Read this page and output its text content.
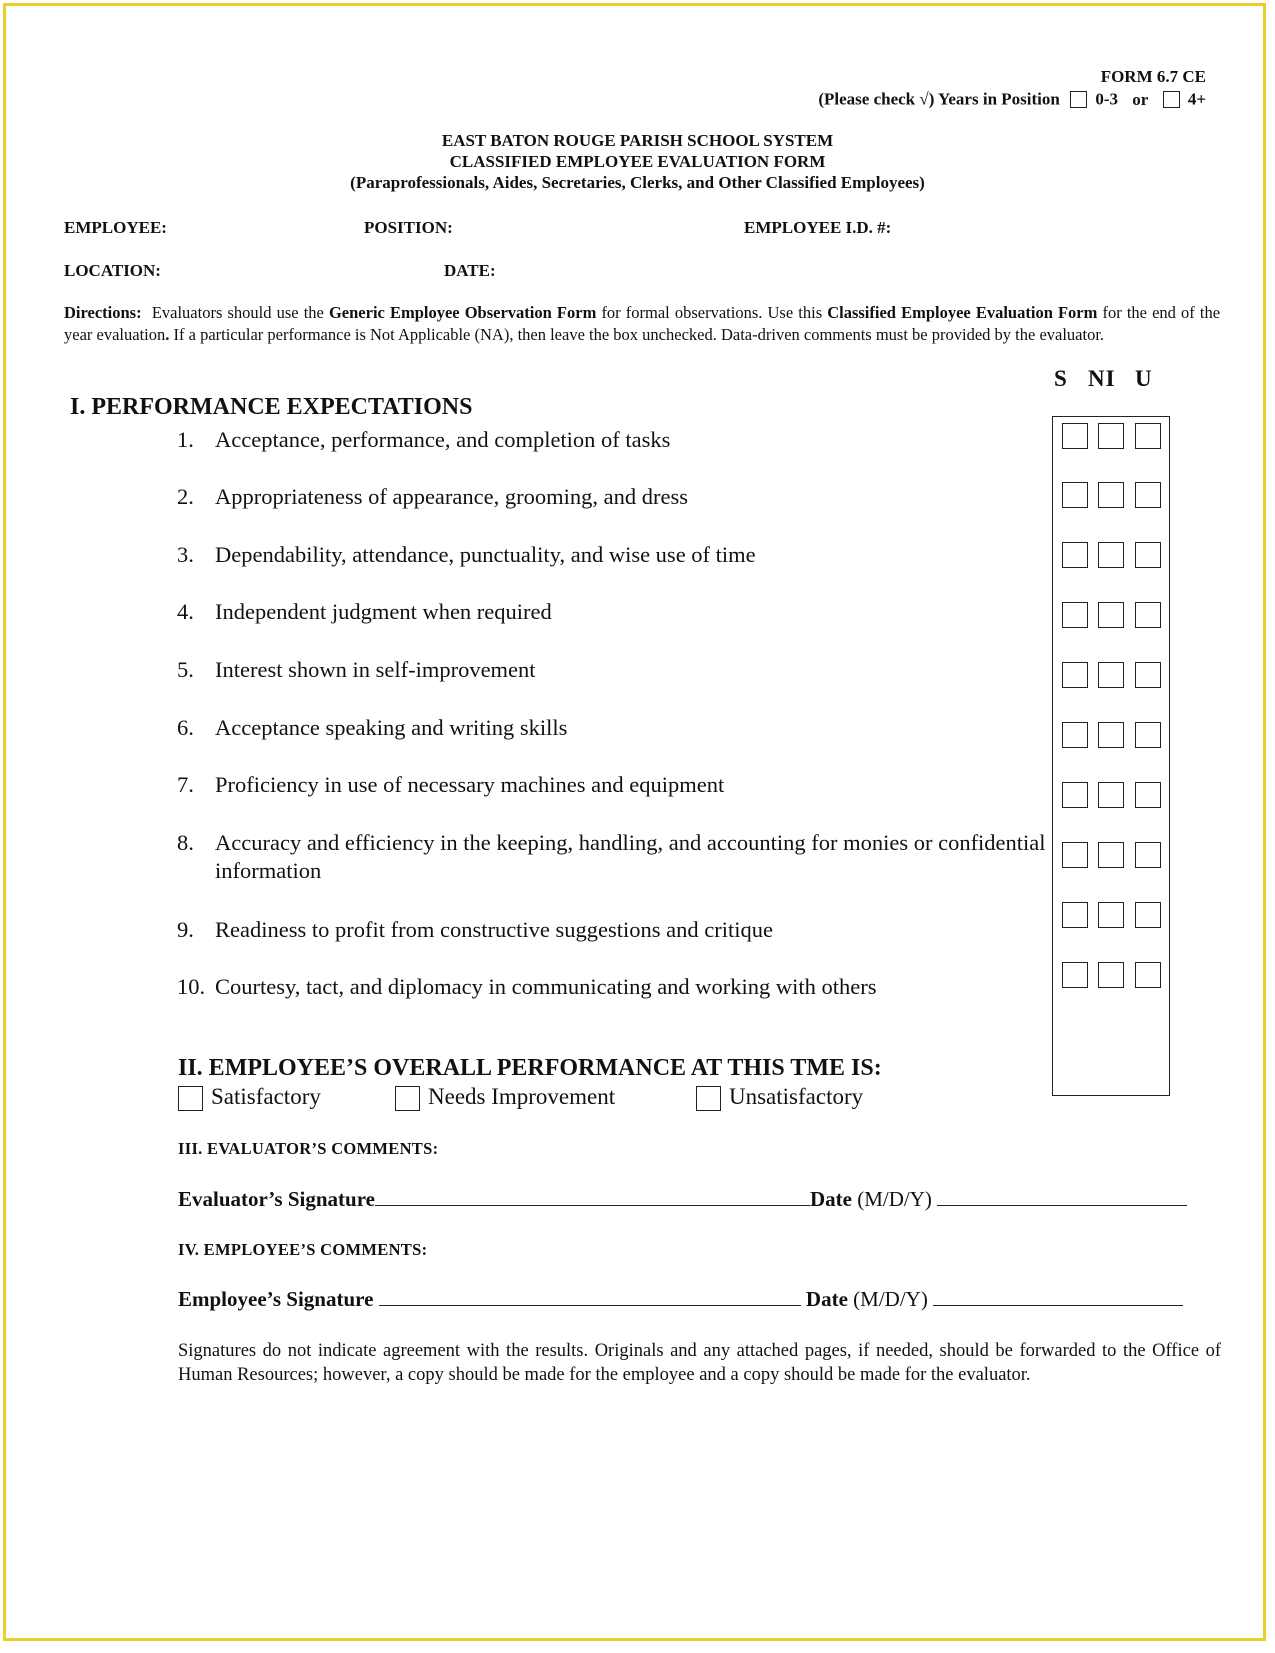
FORM 6.7 CE
(Please check √) Years in Position 0-3 or 4+
EAST BATON ROUGE PARISH SCHOOL SYSTEM
CLASSIFIED EMPLOYEE EVALUATION FORM
(Paraprofessionals, Aides, Secretaries, Clerks, and Other Classified Employees)
EMPLOYEE:	POSITION:	EMPLOYEE I.D. #:
LOCATION:	DATE:
Directions: Evaluators should use the Generic Employee Observation Form for formal observations. Use this Classified Employee Evaluation Form for the end of the year evaluation. If a particular performance is Not Applicable (NA), then leave the box unchecked. Data-driven comments must be provided by the evaluator.
S NI U
I. PERFORMANCE EXPECTATIONS
1. Acceptance, performance, and completion of tasks
2. Appropriateness of appearance, grooming, and dress
3. Dependability, attendance, punctuality, and wise use of time
4. Independent judgment when required
5. Interest shown in self-improvement
6. Acceptance speaking and writing skills
7. Proficiency in use of necessary machines and equipment
8. Accuracy and efficiency in the keeping, handling, and accounting for monies or confidential information
9. Readiness to profit from constructive suggestions and critique
10. Courtesy, tact, and diplomacy in communicating and working with others
II. EMPLOYEE’S OVERALL PERFORMANCE AT THIS TME IS:
Satisfactory	Needs Improvement	Unsatisfactory
III. EVALUATOR’S COMMENTS:
Evaluator’s Signature	Date (M/D/Y)
IV. EMPLOYEE’S COMMENTS:
Employee’s Signature	Date (M/D/Y)
Signatures do not indicate agreement with the results. Originals and any attached pages, if needed, should be forwarded to the Office of Human Resources; however, a copy should be made for the employee and a copy should be made for the evaluator.
